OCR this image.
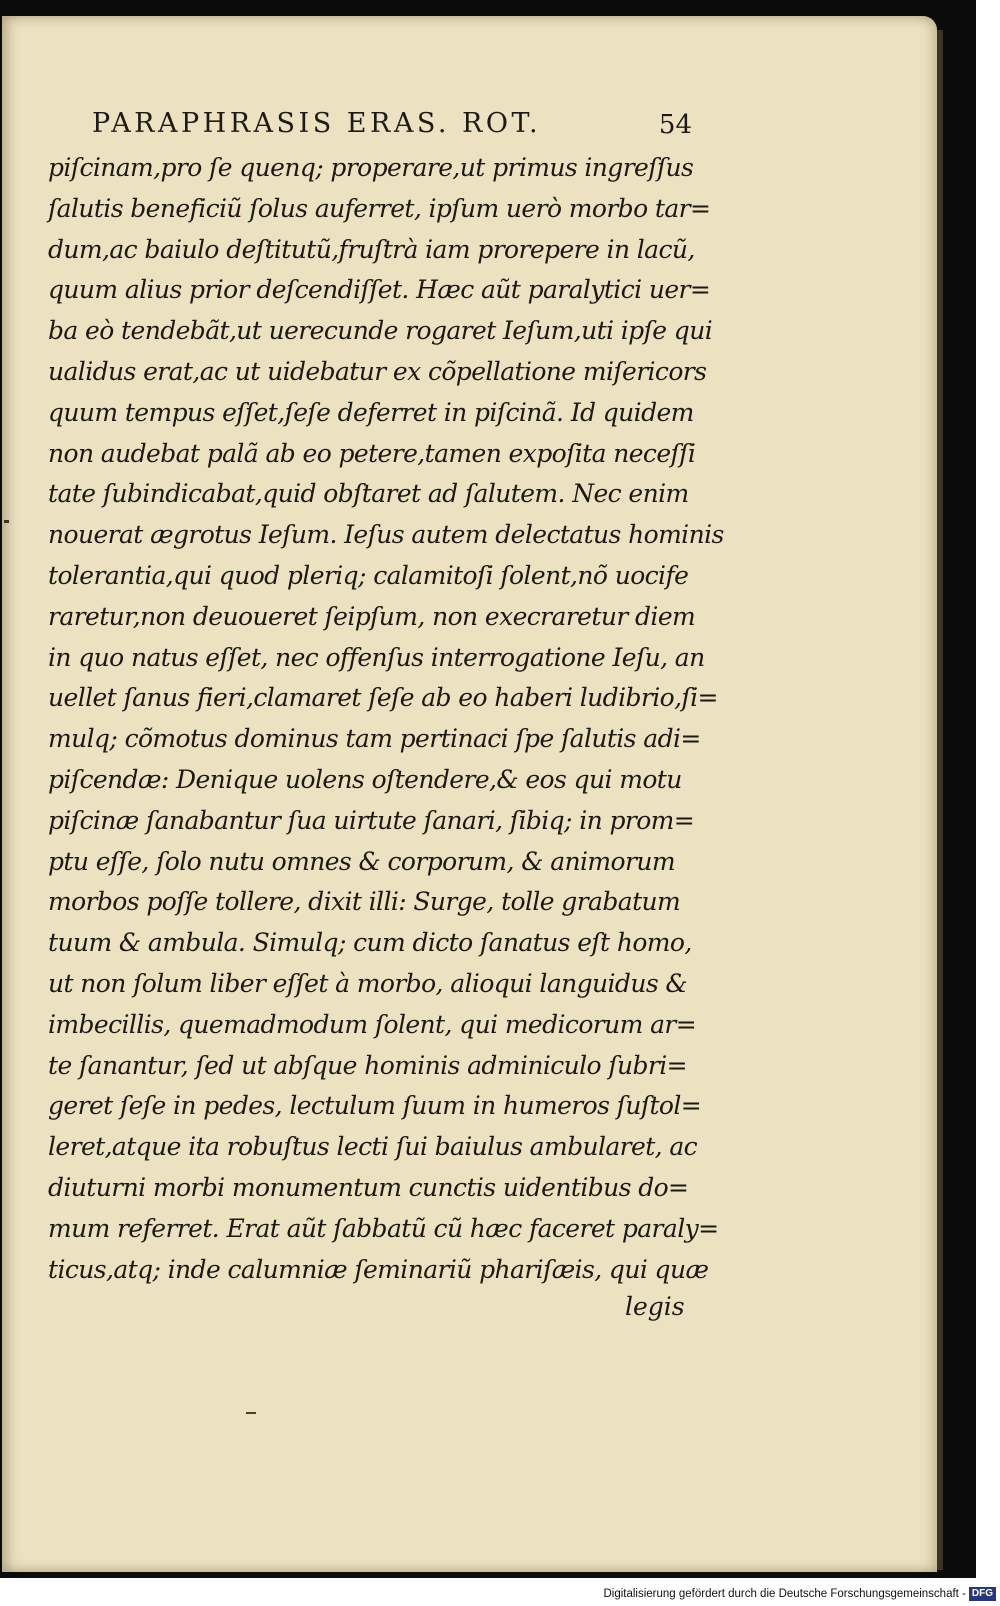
PARAPHRASIS ERAS. ROT.	54
piſcinam,pro ſe quenq; properare,ut primus ingreſſus
ſalutis beneficiũ ſolus auferret, ipſum uerò morbo tar=
dum,ac baiulo deſtitutũ,fruſtrà iam prorepere in lacũ,
quum alius prior deſcendiſſet. Hæc aũt paralytici uer=
ba eò tendebãt,ut uerecunde rogaret Ieſum,uti ipſe qui
ualidus erat,ac ut uidebatur ex cõpellatione miſericors
quum tempus eſſet,ſeſe deferret in piſcinã. Id quidem
non audebat palã ab eo petere,tamen expoſita neceſſi
tate ſubindicabat,quid obſtaret ad ſalutem. Nec enim
nouerat ægrotus Ieſum. Ieſus autem delectatus hominis
tolerantia,qui quod pleriq; calamitoſi ſolent,nõ uocife
raretur,non deuoueret ſeipſum, non execraretur diem
in quo natus eſſet, nec offenſus interrogatione Ieſu, an
uellet ſanus fieri,clamaret ſeſe ab eo haberi ludibrio,ſi=
mulq; cõmotus dominus tam pertinaci ſpe ſalutis adi=
piſcendæ: Denique uolens oſtendere,& eos qui motu
piſcinæ ſanabantur ſua uirtute ſanari, ſibiq; in prom=
ptu eſſe, ſolo nutu omnes & corporum, & animorum
morbos poſſe tollere, dixit illi: Surge, tolle grabatum
tuum & ambula. Simulq; cum dicto ſanatus eſt homo,
ut non ſolum liber eſſet à morbo, alioqui languidus &
imbecillis, quemadmodum ſolent, qui medicorum ar=
te ſanantur, ſed ut abſque hominis adminiculo ſubri=
geret ſeſe in pedes, lectulum ſuum in humeros ſuſtol=
leret,atque ita robuſtus lecti ſui baiulus ambularet, ac
diuturni morbi monumentum cunctis uidentibus do=
mum referret. Erat aũt ſabbatũ cũ hæc faceret paraly=
ticus,atq; inde calumniæ ſeminariũ phariſæis, qui quæ
legis
Digitalisierung gefördert durch die Deutsche Forschungsgemeinschaft - DFG
